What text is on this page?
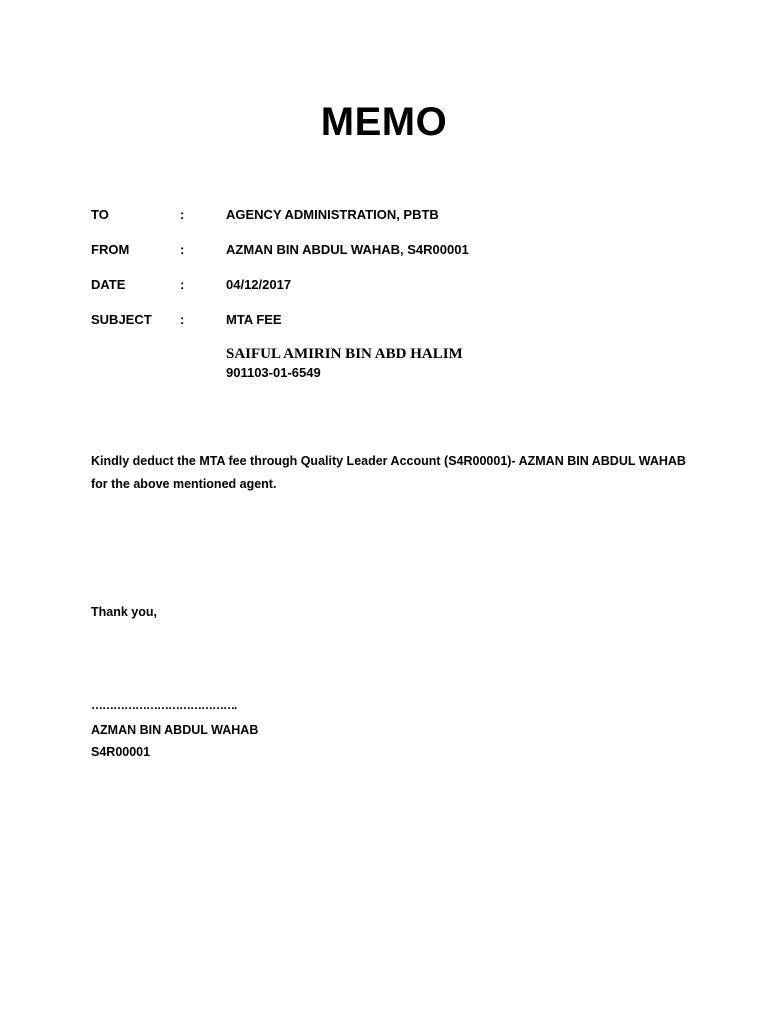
MEMO
TO	:	AGENCY ADMINISTRATION, PBTB
FROM	:	AZMAN BIN ABDUL WAHAB, S4R00001
DATE	:	04/12/2017
SUBJECT :	MTA FEE
SAIFUL AMIRIN BIN ABD HALIM
901103-01-6549
Kindly deduct the MTA fee through Quality Leader Account (S4R00001)- AZMAN BIN ABDUL WAHAB for the above mentioned agent.
Thank you,
………………………………….
AZMAN BIN ABDUL WAHAB
S4R00001
